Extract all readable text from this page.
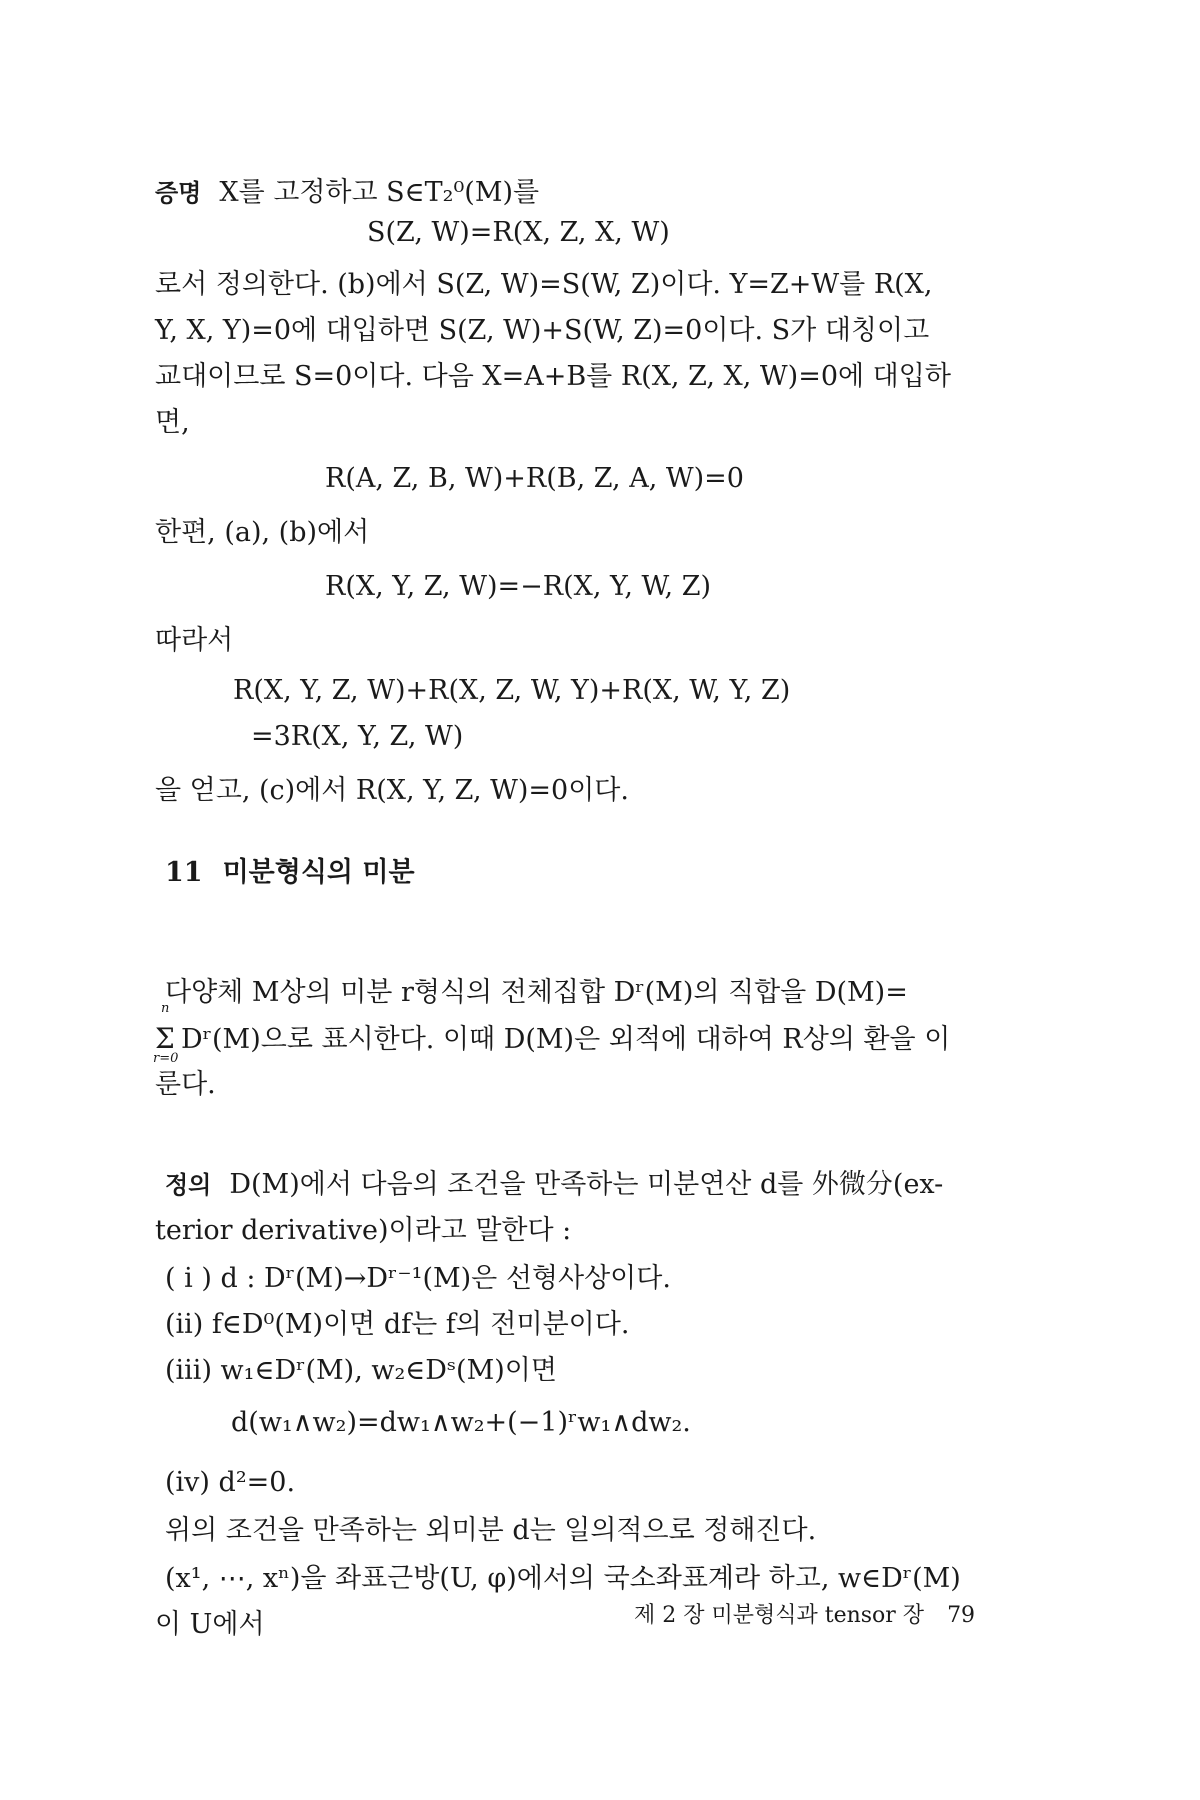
증명 X를 고정하고 S∈T₂⁰(M)를
S(Z, W)=R(X, Z, X, W)
로서 정의한다. (b)에서 S(Z, W)=S(W, Z)이다. Y=Z+W를 R(X,
Y, X, Y)=0에 대입하면 S(Z, W)+S(W, Z)=0이다. S가 대칭이고
교대이므로 S=0이다. 다음 X=A+B를 R(X, Z, X, W)=0에 대입하
면,
R(A, Z, B, W)+R(B, Z, A, W)=0
한편, (a), (b)에서
R(X, Y, Z, W)=−R(X, Y, W, Z)
따라서
R(X, Y, Z, W)+R(X, Z, W, Y)+R(X, W, Y, Z)
=3R(X, Y, Z, W)
을 얻고, (c)에서 R(X, Y, Z, W)=0이다.
11 미분형식의 미분
다양체 M상의 미분 r형식의 전체집합 Dʳ(M)의 직합을 D(M)=
n
Σ
r=0
Dʳ(M)으로 표시한다. 이때 D(M)은 외적에 대하여 R상의 환을 이
룬다.
정의 D(M)에서 다음의 조건을 만족하는 미분연산 d를 外微分(ex-
terior derivative)이라고 말한다 :
( i ) d : Dʳ(M)→Dʳ⁻¹(M)은 선형사상이다.
(ii) f∈D⁰(M)이면 df는 f의 전미분이다.
(iii) w₁∈Dʳ(M), w₂∈Dˢ(M)이면
d(w₁∧w₂)=dw₁∧w₂+(−1)ʳw₁∧dw₂.
(iv) d²=0.
위의 조건을 만족하는 외미분 d는 일의적으로 정해진다.
(x¹, ⋯, xⁿ)을 좌표근방(U, φ)에서의 국소좌표계라 하고, w∈Dʳ(M)
이 U에서	제 2 장 미분형식과 tensor 장 79
